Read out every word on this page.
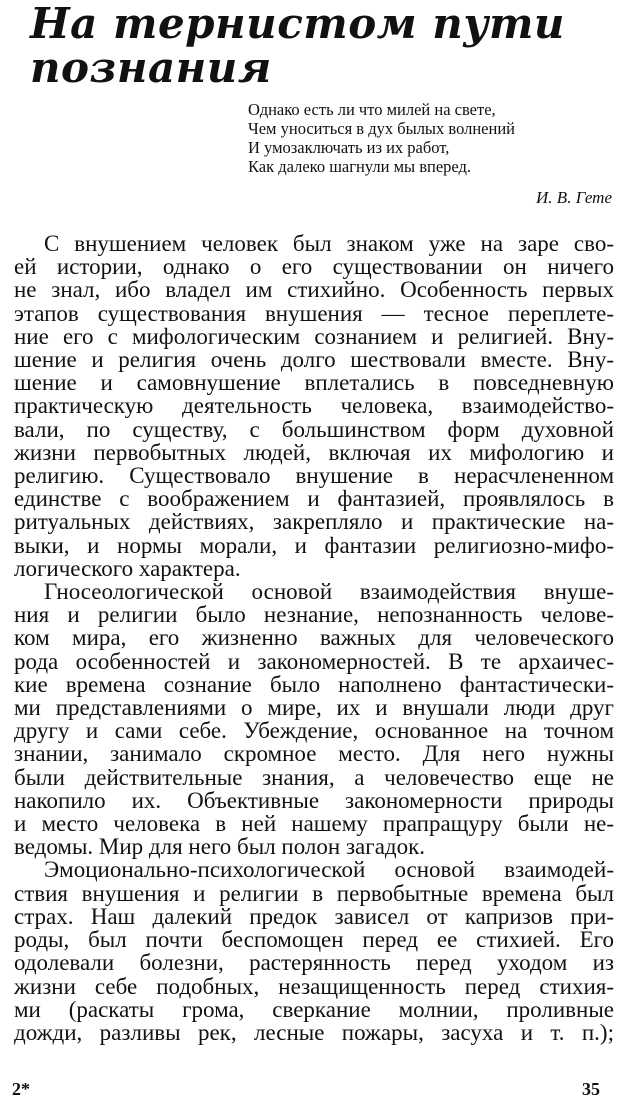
На тернистом пути
познания
Однако есть ли что милей на свете,
Чем уноситься в дух былых волнений
И умозаключать из их работ,
Как далеко шагнули мы вперед.
И. В. Гете
С внушением человек был знаком уже на заре сво-
ей истории, однако о его существовании он ничего
не знал, ибо владел им стихийно. Особенность первых
этапов существования внушения — тесное переплете-
ние его с мифологическим сознанием и религией. Вну-
шение и религия очень долго шествовали вместе. Вну-
шение и самовнушение вплетались в повседневную
практическую деятельность человека, взаимодейство-
вали, по существу, с большинством форм духовной
жизни первобытных людей, включая их мифологию и
религию. Существовало внушение в нерасчлененном
единстве с воображением и фантазией, проявлялось в
ритуальных действиях, закрепляло и практические на-
выки, и нормы морали, и фантазии религиозно-мифо-
логического характера.
Гносеологической основой взаимодействия внуше-
ния и религии было незнание, непознанность челове-
ком мира, его жизненно важных для человеческого
рода особенностей и закономерностей. В те архаичес-
кие времена сознание было наполнено фантастически-
ми представлениями о мире, их и внушали люди друг
другу и сами себе. Убеждение, основанное на точном
знании, занимало скромное место. Для него нужны
были действительные знания, а человечество еще не
накопило их. Объективные закономерности природы
и место человека в ней нашему прапращуру были не-
ведомы. Мир для него был полон загадок.
Эмоционально-психологической основой взаимодей-
ствия внушения и религии в первобытные времена был
страх. Наш далекий предок зависел от капризов при-
роды, был почти беспомощен перед ее стихией. Его
одолевали болезни, растерянность перед уходом из
жизни себе подобных, незащищенность перед стихия-
ми (раскаты грома, сверкание молнии, проливные
дожди, разливы рек, лесные пожары, засуха и т. п.);
2*	35
